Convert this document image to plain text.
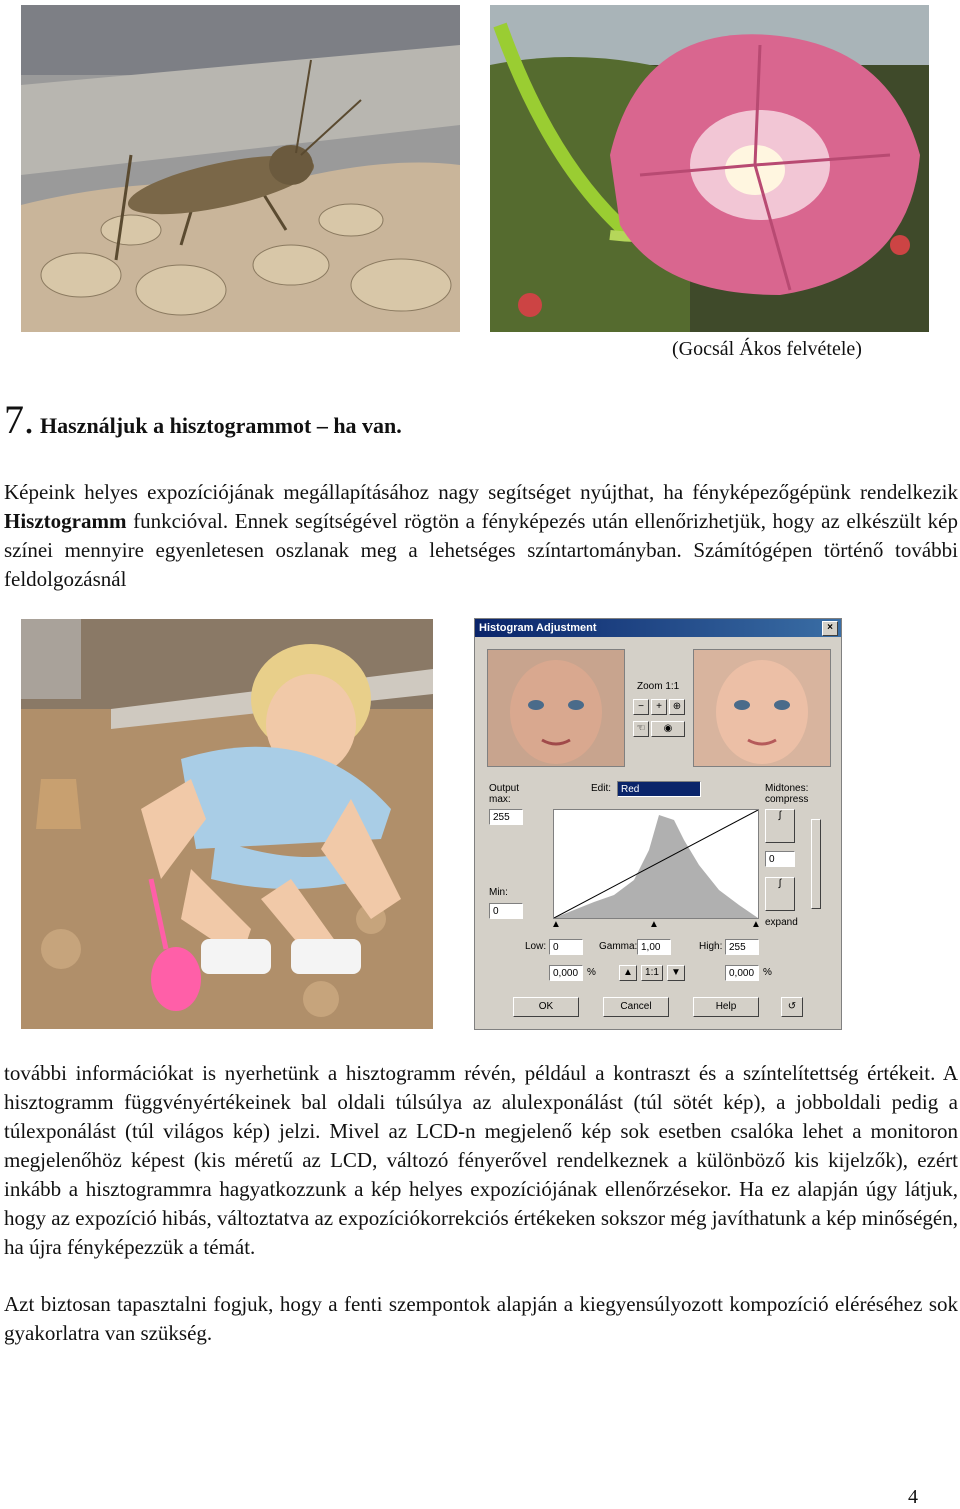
(Gocsál Ákos felvétele)
7. Használjuk a hisztogrammot – ha van.
Képeink helyes expozíciójának megállapításához nagy segítséget nyújthat, ha fényképezőgépünk rendelkezik Hisztogramm funkcióval. Ennek segítségével rögtön a fényképezés után ellenőrizhetjük, hogy az elkészült kép színei mennyire egyenletesen oszlanak meg a lehetséges színtartományban. Számítógépen történő további feldolgozásnál
Histogram Adjustment	×
Zoom 1:1
−	+	⊕
☜	◉
Output max:
255
Min:
0
Edit: Red	Midtones: compress
▲	▲	▲
∫
0
∫
expand
Low: 0	Gamma: 1,00	High: 255
0,000 %	▲	1:1	▼	0,000 %
OK	Cancel	Help	↺
további információkat is nyerhetünk a hisztogramm révén, például a kontraszt és a színtelítettség értékeit. A hisztogramm függvényértékeinek bal oldali túlsúlya az alulexponálást (túl sötét kép), a jobboldali pedig a túlexponálást (túl világos kép) jelzi. Mivel az LCD-n megjelenő kép sok esetben csalóka lehet a monitoron megjelenőhöz képest (kis méretű az LCD, változó fényerővel rendelkeznek a különböző kis kijelzők), ezért inkább a hisztogrammra hagyatkozzunk a kép helyes expozíciójának ellenőrzésekor. Ha ez alapján úgy látjuk, hogy az expozíció hibás, változtatva az expozíciókorrekciós értékeken sokszor még javíthatunk a kép minőségén, ha újra fényképezzük a témát.
Azt biztosan tapasztalni fogjuk, hogy a fenti szempontok alapján a kiegyensúlyozott kompozíció eléréséhez sok gyakorlatra van szükség.
4
